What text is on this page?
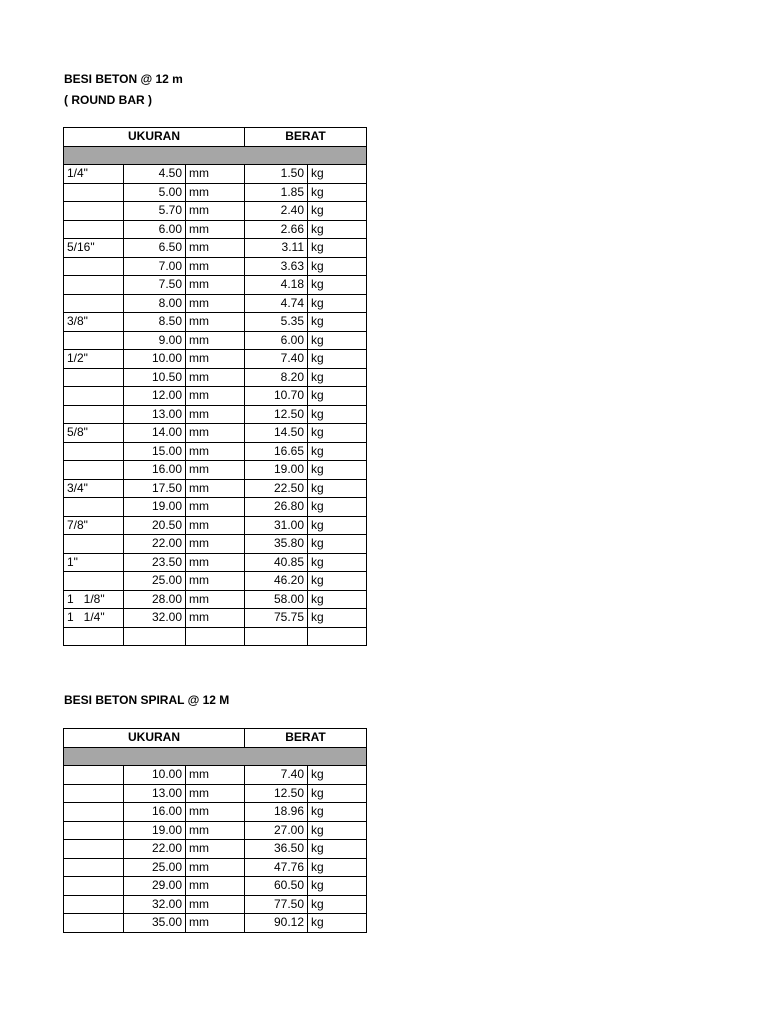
BESI BETON @ 12 m
( ROUND BAR )
UKURAN			BERAT	

1/4"	4.50	mm	1.50	kg
	5.00	mm	1.85	kg
	5.70	mm	2.40	kg
	6.00	mm	2.66	kg
5/16"	6.50	mm	3.11	kg
	7.00	mm	3.63	kg
	7.50	mm	4.18	kg
	8.00	mm	4.74	kg
3/8"	8.50	mm	5.35	kg
	9.00	mm	6.00	kg
1/2"	10.00	mm	7.40	kg
	10.50	mm	8.20	kg
	12.00	mm	10.70	kg
	13.00	mm	12.50	kg
5/8"	14.00	mm	14.50	kg
	15.00	mm	16.65	kg
	16.00	mm	19.00	kg
3/4"	17.50	mm	22.50	kg
	19.00	mm	26.80	kg
7/8"	20.50	mm	31.00	kg
	22.00	mm	35.80	kg
1"	23.50	mm	40.85	kg
	25.00	mm	46.20	kg
1   1/8"	28.00	mm	58.00	kg
1   1/4"	32.00	mm	75.75	kg

BESI BETON SPIRAL @ 12 M
UKURAN			BERAT	

	10.00	mm	7.40	kg
	13.00	mm	12.50	kg
	16.00	mm	18.96	kg
	19.00	mm	27.00	kg
	22.00	mm	36.50	kg
	25.00	mm	47.76	kg
	29.00	mm	60.50	kg
	32.00	mm	77.50	kg
	35.00	mm	90.12	kg
